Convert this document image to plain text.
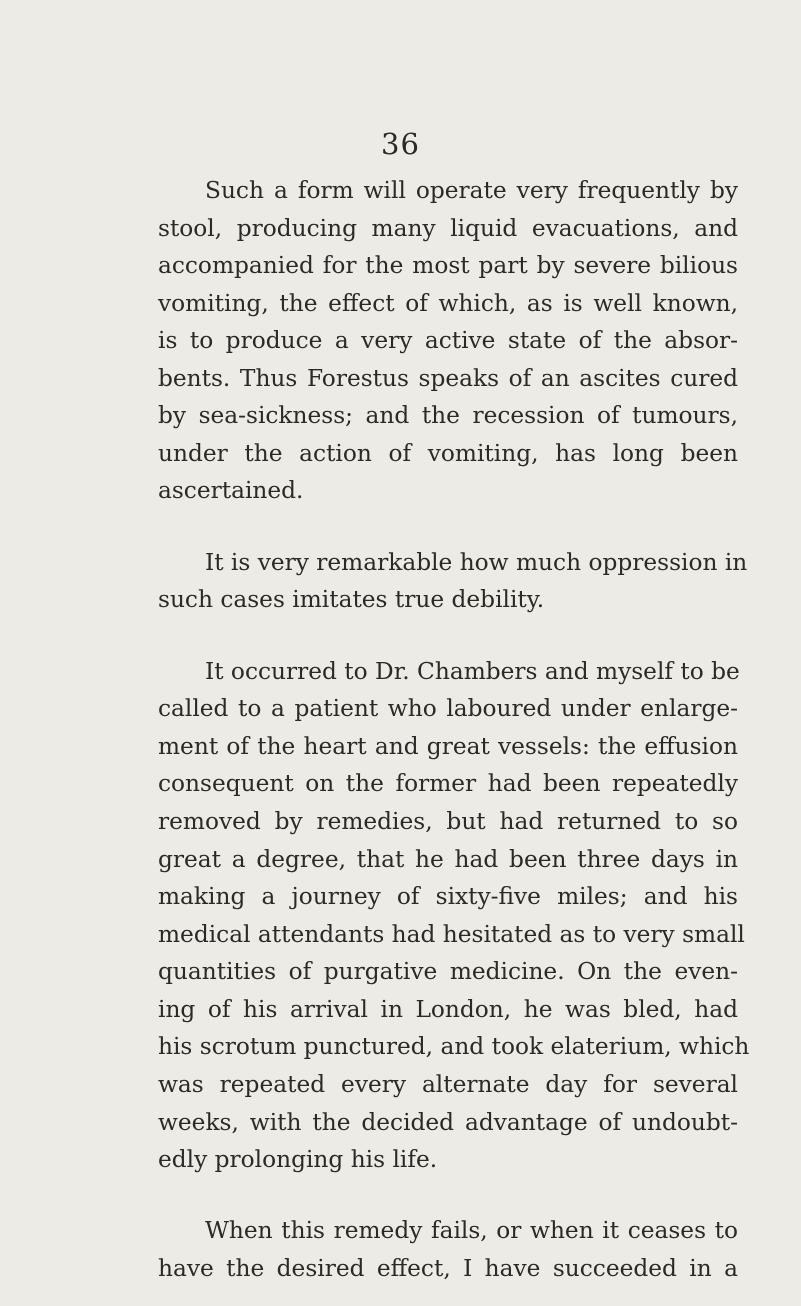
36
Such a form will operate very frequently by
stool, producing many liquid evacuations, and
accompanied for the most part by severe bilious
vomiting, the effect of which, as is well known,
is to produce a very active state of the absor-
bents. Thus Forestus speaks of an ascites cured
by sea-sickness; and the recession of tumours,
under the action of vomiting, has long been
ascertained.
It is very remarkable how much oppression in
such cases imitates true debility.
It occurred to Dr. Chambers and myself to be
called to a patient who laboured under enlarge-
ment of the heart and great vessels: the effusion
consequent on the former had been repeatedly
removed by remedies, but had returned to so
great a degree, that he had been three days in
making a journey of sixty-five miles; and his
medical attendants had hesitated as to very small
quantities of purgative medicine. On the even-
ing of his arrival in London, he was bled, had
his scrotum punctured, and took elaterium, which
was repeated every alternate day for several
weeks, with the decided advantage of undoubt-
edly prolonging his life.
When this remedy fails, or when it ceases to
have the desired effect, I have succeeded in a
